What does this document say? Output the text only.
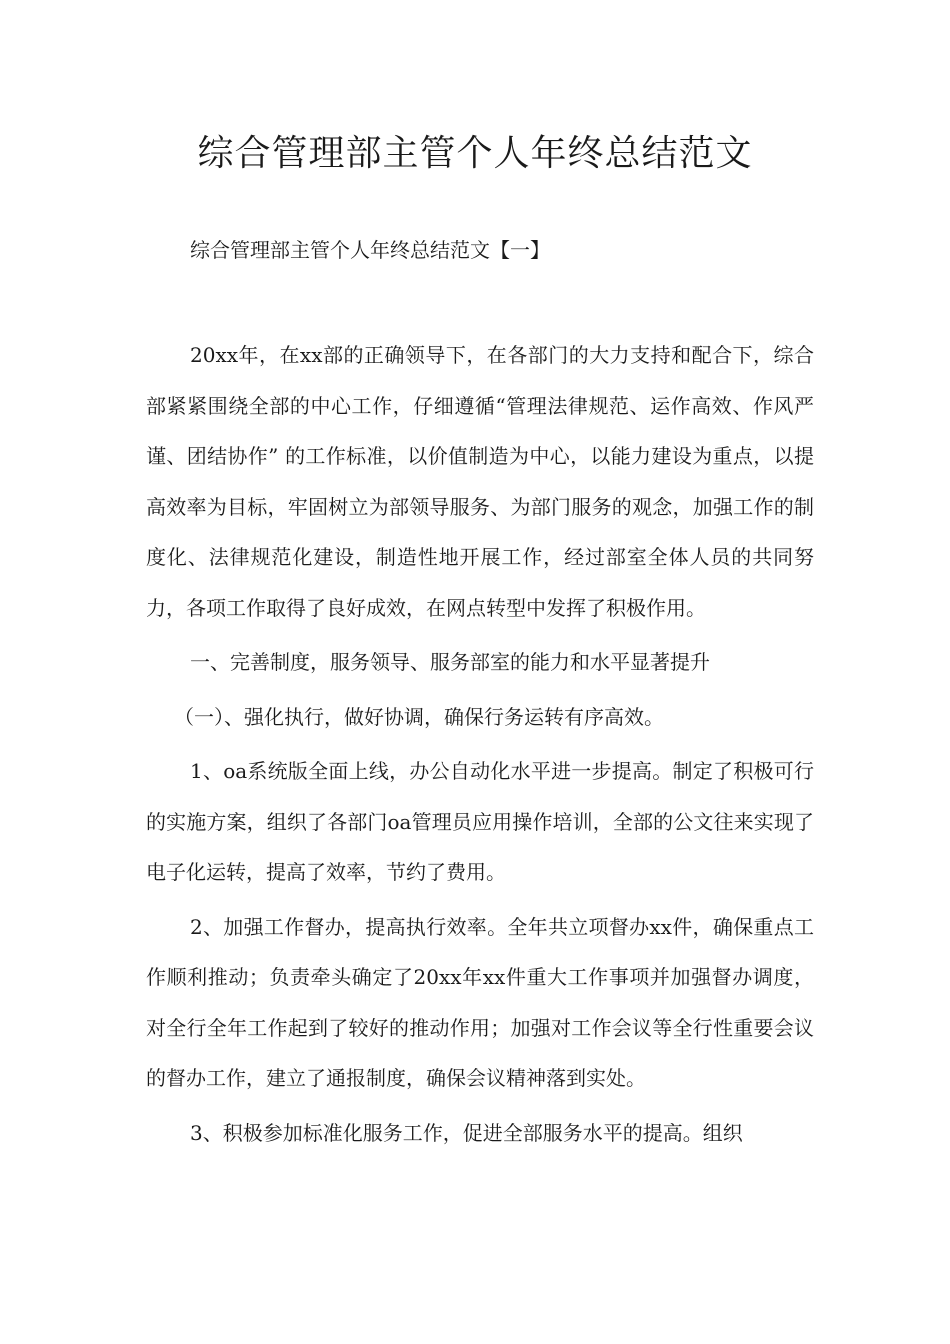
综合管理部主管个人年终总结范文

综合管理部主管个人年终总结范文【一】

20xx年，在xx部的正确领导下，在各部门的大力支持和配合下，综合部紧紧围绕全部的中心工作，仔细遵循“管理法律规范、运作高效、作风严谨、团结协作” 的工作标准，以价值制造为中心，以能力建设为重点，以提高效率为目标，牢固树立为部领导服务、为部门服务的观念，加强工作的制度化、法律规范化建设，制造性地开展工作，经过部室全体人员的共同努力，各项工作取得了良好成效，在网点转型中发挥了积极作用。

一、完善制度，服务领导、服务部室的能力和水平显著提升

（一）、强化执行，做好协调，确保行务运转有序高效。

1、oa系统版全面上线，办公自动化水平进一步提高。制定了积极可行的实施方案，组织了各部门oa管理员应用操作培训，全部的公文往来实现了电子化运转，提高了效率，节约了费用。

2、加强工作督办，提高执行效率。全年共立项督办xx件，确保重点工作顺利推动；负责牵头确定了20xx年xx件重大工作事项并加强督办调度，对全行全年工作起到了较好的推动作用；加强对工作会议等全行性重要会议的督办工作，建立了通报制度，确保会议精神落到实处。

3、积极参加标准化服务工作，促进全部服务水平的提高。组织
